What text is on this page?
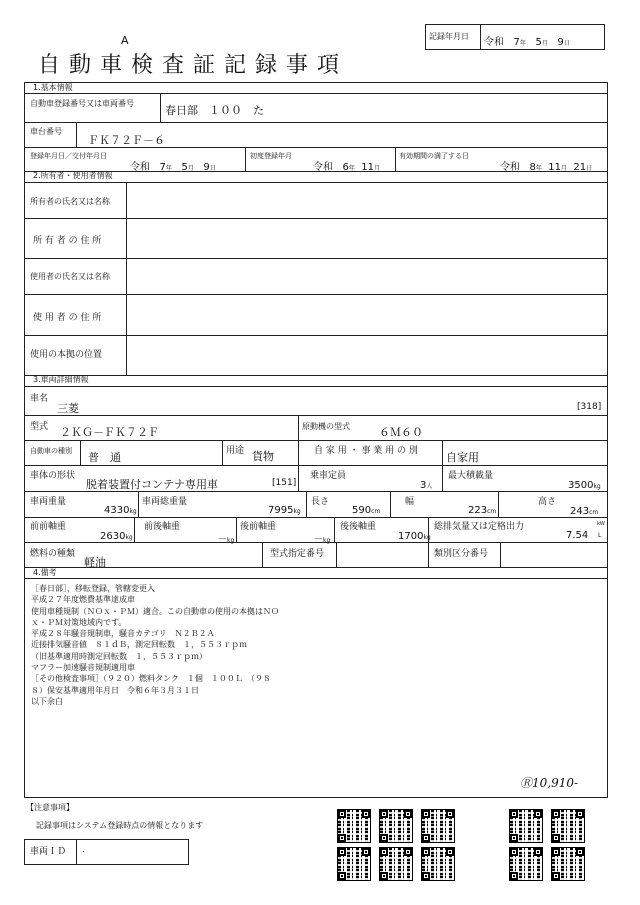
A
自動車検査証記録事項
記録年月日
令和 7年 5月 9日
1.基本情報
自動車登録番号又は車両番号
春日部　１００　た
車台番号
ＦＫ７２Ｆ－６
登録年月日／交付年月日
令和 7年 5月 9日
初度登録年月
令和 6年 11月
有効期間の満了する日
令和 8年 11月 21日
2.所有者・使用者情報
所有者の氏名又は名称
所 有 者 の 住 所
使用者の氏名又は名称
使 用 者 の 住 所
使用の本拠の位置
3.車両詳細情報
車名
三菱	[318]
型式 ２ＫＧ－ＦＫ７２Ｆ	原動機の型式	６Ｍ６０
自動車の種別 普　通	用途 貨物	自 家 用 ・ 事 業 用 の 別	自家用
車体の形状
脱着装置付コンテナ専用車	[151]
乗車定員
3人
最大積載量
3500kg
車両重量
4330kg
車両総重量
7995kg
長さ
590cm
幅
223cm
高さ
243cm
前前軸重
2630kg
前後軸重
－kg
後前軸重
－kg
後後軸重
1700kg
総排気量又は定格出力
7.54
kW
L
燃料の種類
軽油
型式指定番号	類別区分番号
4.備考
［春日部］，移転登録，管轄変更入
平成２７年度燃費基準達成車
使用車種規制（ＮＯｘ・ＰＭ）適合。この自動車の使用の本拠はＮＯ
ｘ・ＰＭ対策地域内です。
平成２８年騒音規制車，騒音カテゴリ　Ｎ２Ｂ２Ａ
近接排気騒音値　８１ｄＢ，測定回転数　１，５５３ｒｐｍ
（旧基準適用時測定回転数　１，５５３ｒｐｍ）
マフラー加速騒音規制適用車
［その他検査事項］（９２０）燃料タンク　１個　１００Ｌ　（９８
８）保安基準適用年月日　令和６年３月３１日
以下余白
Ⓡ10,910-
【注意事項】
記録事項はシステム登録時点の情報となります
車両ＩＤ .
